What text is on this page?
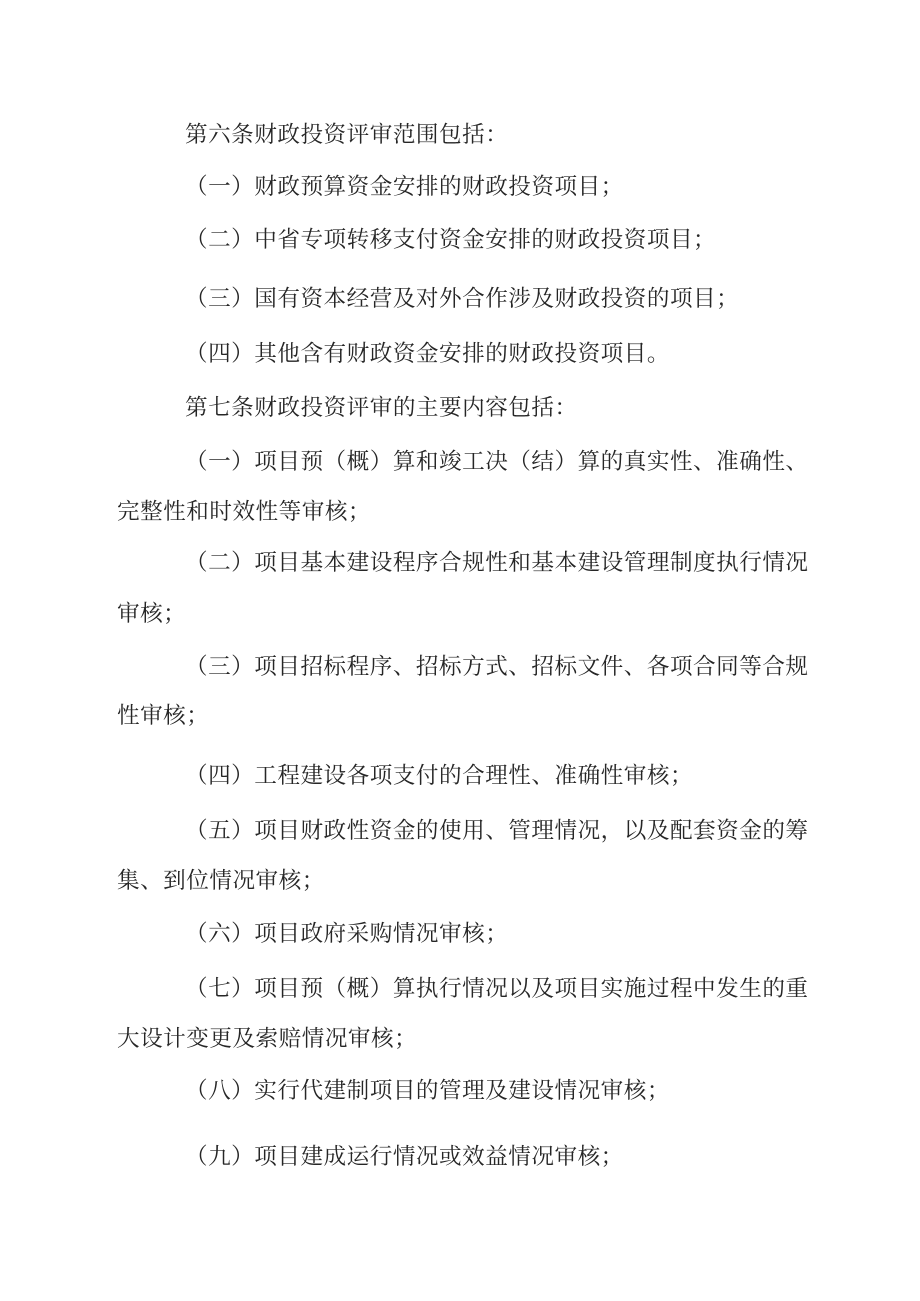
第六条财政投资评审范围包括：
（一）财政预算资金安排的财政投资项目；
（二）中省专项转移支付资金安排的财政投资项目；
（三）国有资本经营及对外合作涉及财政投资的项目；
（四）其他含有财政资金安排的财政投资项目。
第七条财政投资评审的主要内容包括：
（一）项目预（概）算和竣工决（结）算的真实性、准确性、
完整性和时效性等审核；
（二）项目基本建设程序合规性和基本建设管理制度执行情况
审核；
（三）项目招标程序、招标方式、招标文件、各项合同等合规
性审核；
（四）工程建设各项支付的合理性、准确性审核；
（五）项目财政性资金的使用、管理情况，以及配套资金的筹
集、到位情况审核；
（六）项目政府采购情况审核；
（七）项目预（概）算执行情况以及项目实施过程中发生的重
大设计变更及索赔情况审核；
（八）实行代建制项目的管理及建设情况审核；
（九）项目建成运行情况或效益情况审核；
